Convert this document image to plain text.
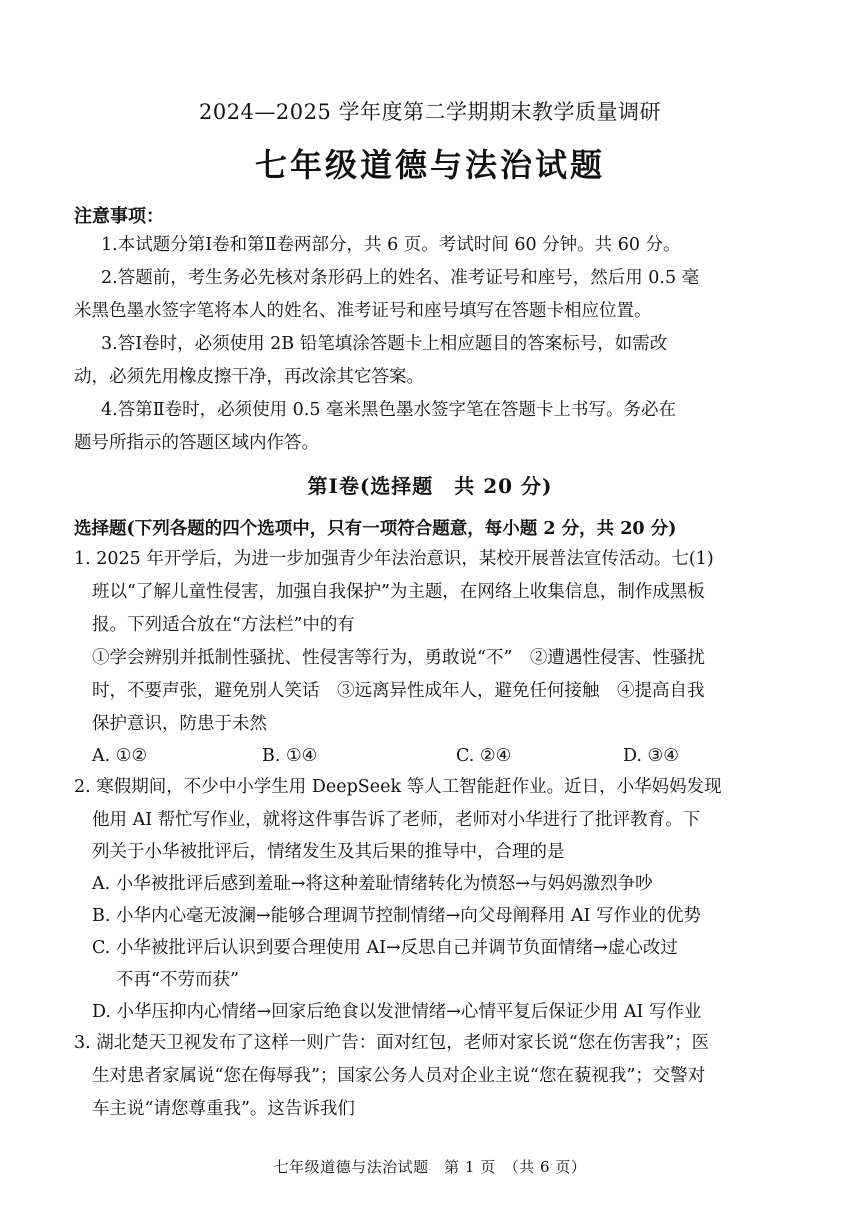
2024—2025 学年度第二学期期末教学质量调研
七年级道德与法治试题
注意事项：
1.本试题分第Ⅰ卷和第Ⅱ卷两部分，共 6 页。考试时间 60 分钟。共 60 分。
2.答题前，考生务必先核对条形码上的姓名、准考证号和座号，然后用 0.5 毫
米黑色墨水签字笔将本人的姓名、准考证号和座号填写在答题卡相应位置。
3.答Ⅰ卷时，必须使用 2B 铅笔填涂答题卡上相应题目的答案标号，如需改
动，必须先用橡皮擦干净，再改涂其它答案。
4.答第Ⅱ卷时，必须使用 0.5 毫米黑色墨水签字笔在答题卡上书写。务必在
题号所指示的答题区域内作答。
第Ⅰ卷(选择题　共 20 分)
选择题(下列各题的四个选项中，只有一项符合题意，每小题 2 分，共 20 分)
1. 2025 年开学后，为进一步加强青少年法治意识，某校开展普法宣传活动。七(1)
班以“了解儿童性侵害，加强自我保护”为主题，在网络上收集信息，制作成黑板
报。下列适合放在“方法栏”中的有
①学会辨别并抵制性骚扰、性侵害等行为，勇敢说“不”　②遭遇性侵害、性骚扰
时，不要声张，避免别人笑话　③远离异性成年人，避免任何接触　④提高自我
保护意识，防患于未然
A. ①②	B. ①④	C. ②④	D. ③④
2. 寒假期间，不少中小学生用 DeepSeek 等人工智能赶作业。近日，小华妈妈发现
他用 AI 帮忙写作业，就将这件事告诉了老师，老师对小华进行了批评教育。下
列关于小华被批评后，情绪发生及其后果的推导中，合理的是
A. 小华被批评后感到羞耻→将这种羞耻情绪转化为愤怒→与妈妈激烈争吵
B. 小华内心毫无波澜→能够合理调节控制情绪→向父母阐释用 AI 写作业的优势
C. 小华被批评后认识到要合理使用 AI→反思自己并调节负面情绪→虚心改过
不再“不劳而获”
D. 小华压抑内心情绪→回家后绝食以发泄情绪→心情平复后保证少用 AI 写作业
3. 湖北楚天卫视发布了这样一则广告：面对红包，老师对家长说“您在伤害我”；医
生对患者家属说“您在侮辱我”；国家公务人员对企业主说“您在藐视我”；交警对
车主说“请您尊重我”。这告诉我们
七年级道德与法治试题　第 1 页　（共 6 页）
